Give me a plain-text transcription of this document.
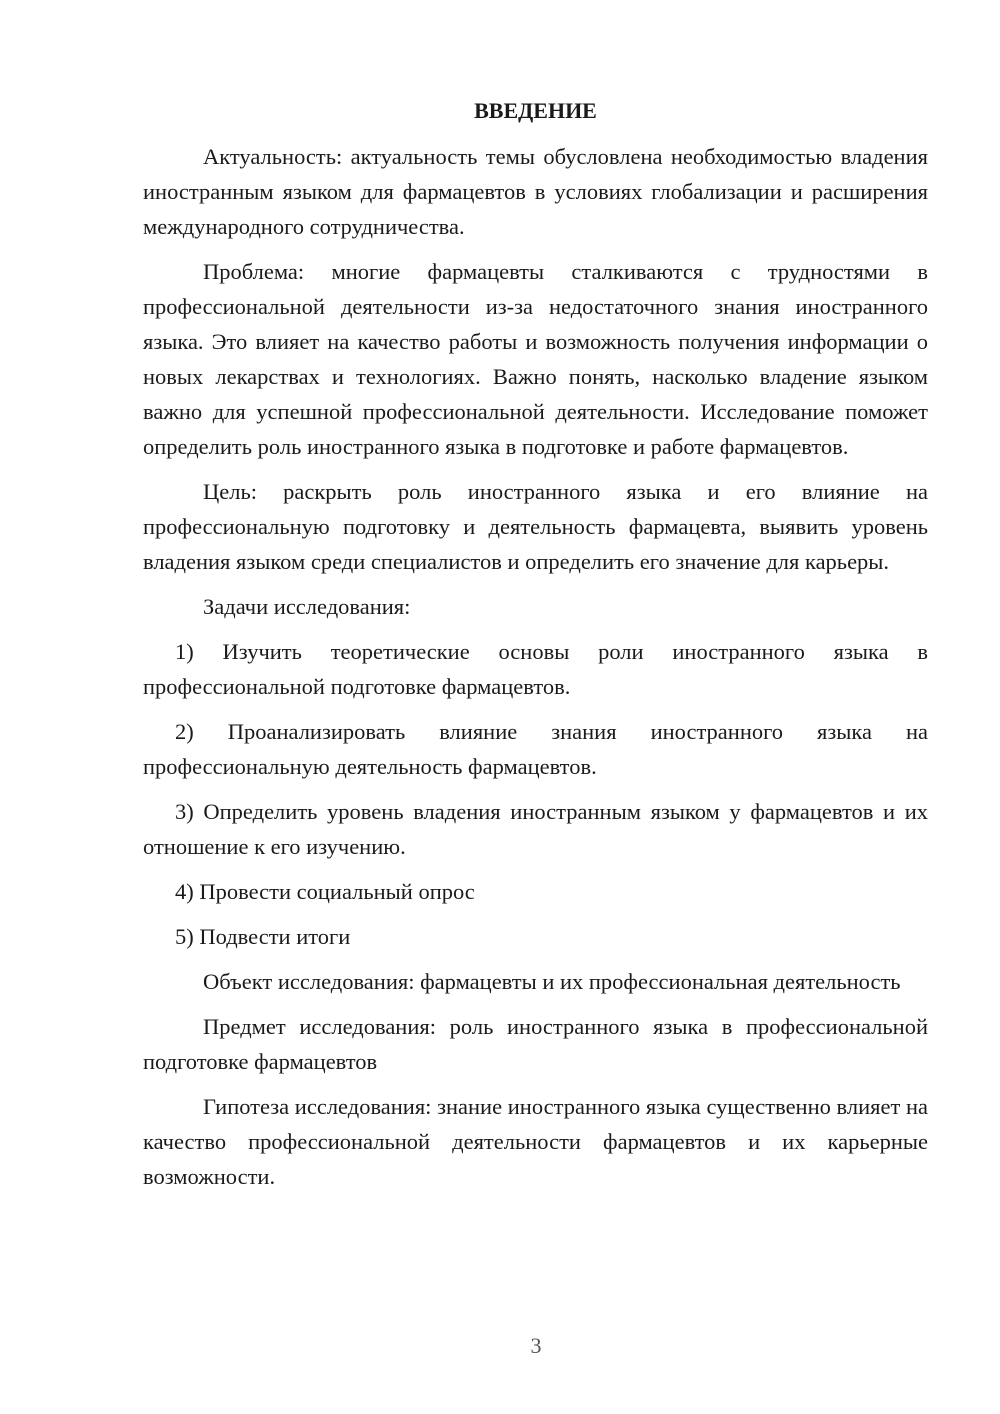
ВВЕДЕНИЕ

Актуальность: актуальность темы обусловлена необходимостью владения иностранным языком для фармацевтов в условиях глобализации и расширения международного сотрудничества.

Проблема: многие фармацевты сталкиваются с трудностями в профессиональной деятельности из-за недостаточного знания иностранного языка. Это влияет на качество работы и возможность получения информации о новых лекарствах и технологиях. Важно понять, насколько владение языком важно для успешной профессиональной деятельности. Исследование поможет определить роль иностранного языка в подготовке и работе фармацевтов.

Цель: раскрыть роль иностранного языка и его влияние на профессиональную подготовку и деятельность фармацевта, выявить уровень владения языком среди специалистов и определить его значение для карьеры.

Задачи исследования:

1) Изучить теоретические основы роли иностранного языка в профессиональной подготовке фармацевтов.

2) Проанализировать влияние знания иностранного языка на профессиональную деятельность фармацевтов.

3) Определить уровень владения иностранным языком у фармацевтов и их отношение к его изучению.

4) Провести социальный опрос

5) Подвести итоги

Объект исследования: фармацевты и их профессиональная деятельность

Предмет исследования: роль иностранного языка в профессиональной подготовке фармацевтов

Гипотеза исследования: знание иностранного языка существенно влияет на качество профессиональной деятельности фармацевтов и их карьерные возможности.

3
